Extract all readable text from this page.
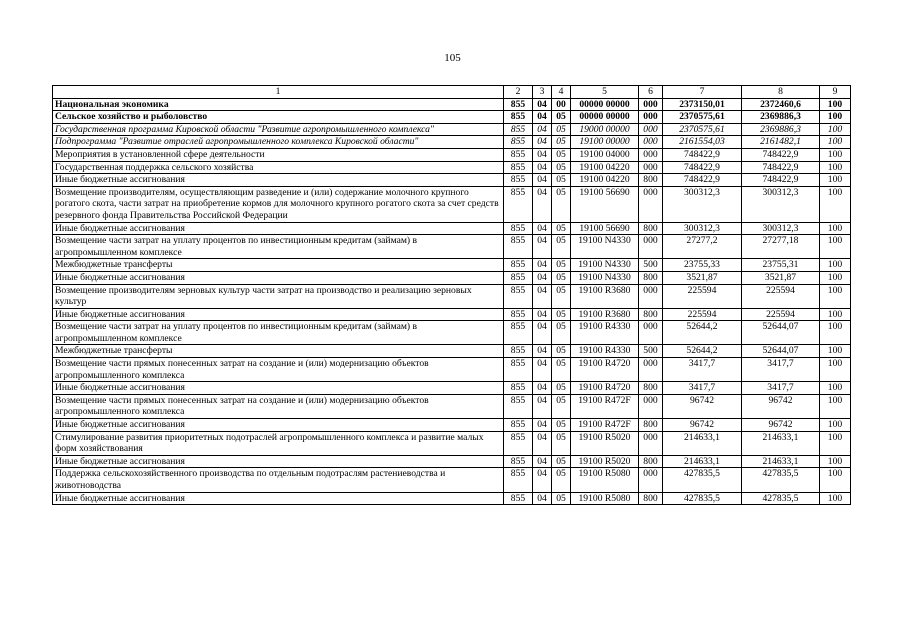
105
1	2	3	4	5	6	7	8	9
Национальная экономика	855	04	00	00000 00000	000	2373150,01	2372460,6	100
Сельское хозяйство и рыболовство	855	04	05	00000 00000	000	2370575,61	2369886,3	100
Государственная программа Кировской области "Развитие агропромышленного комплекса"	855	04	05	19000 00000	000	2370575,61	2369886,3	100
Подпрограмма "Развитие отраслей агропромышленного комплекса Кировской области"	855	04	05	19100 00000	000	2161554,03	2161482,1	100
Мероприятия в установленной сфере деятельности	855	04	05	19100 04000	000	748422,9	748422,9	100
Государственная поддержка сельского хозяйства	855	04	05	19100 04220	000	748422,9	748422,9	100
Иные бюджетные ассигнования	855	04	05	19100 04220	800	748422,9	748422,9	100
Возмещение производителям, осуществляющим разведение и (или) содержание молочного крупного рогатого скота, части затрат на приобретение кормов для молочного крупного рогатого скота за счет средств резервного фонда Правительства Российской Федерации	855	04	05	19100 56690	000	300312,3	300312,3	100
Иные бюджетные ассигнования	855	04	05	19100 56690	800	300312,3	300312,3	100
Возмещение части затрат на уплату процентов по инвестиционным кредитам (займам) в агропромышленном комплексе	855	04	05	19100 N4330	000	27277,2	27277,18	100
Межбюджетные трансферты	855	04	05	19100 N4330	500	23755,33	23755,31	100
Иные бюджетные ассигнования	855	04	05	19100 N4330	800	3521,87	3521,87	100
Возмещение производителям зерновых культур части затрат на производство и реализацию зерновых культур	855	04	05	19100 R3680	000	225594	225594	100
Иные бюджетные ассигнования	855	04	05	19100 R3680	800	225594	225594	100
Возмещение части затрат на уплату процентов по инвестиционным кредитам (займам) в агропромышленном комплексе	855	04	05	19100 R4330	000	52644,2	52644,07	100
Межбюджетные трансферты	855	04	05	19100 R4330	500	52644,2	52644,07	100
Возмещение части прямых понесенных затрат на создание и (или) модернизацию объектов агропромышленного комплекса	855	04	05	19100 R4720	000	3417,7	3417,7	100
Иные бюджетные ассигнования	855	04	05	19100 R4720	800	3417,7	3417,7	100
Возмещение части прямых понесенных затрат на создание и (или) модернизацию объектов агропромышленного комплекса	855	04	05	19100 R472F	000	96742	96742	100
Иные бюджетные ассигнования	855	04	05	19100 R472F	800	96742	96742	100
Стимулирование развития приоритетных подотраслей агропромышленного комплекса и развитие малых форм хозяйствования	855	04	05	19100 R5020	000	214633,1	214633,1	100
Иные бюджетные ассигнования	855	04	05	19100 R5020	800	214633,1	214633,1	100
Поддержка сельскохозяйственного производства по отдельным подотраслям растениеводства и животноводства	855	04	05	19100 R5080	000	427835,5	427835,5	100
Иные бюджетные ассигнования	855	04	05	19100 R5080	800	427835,5	427835,5	100
